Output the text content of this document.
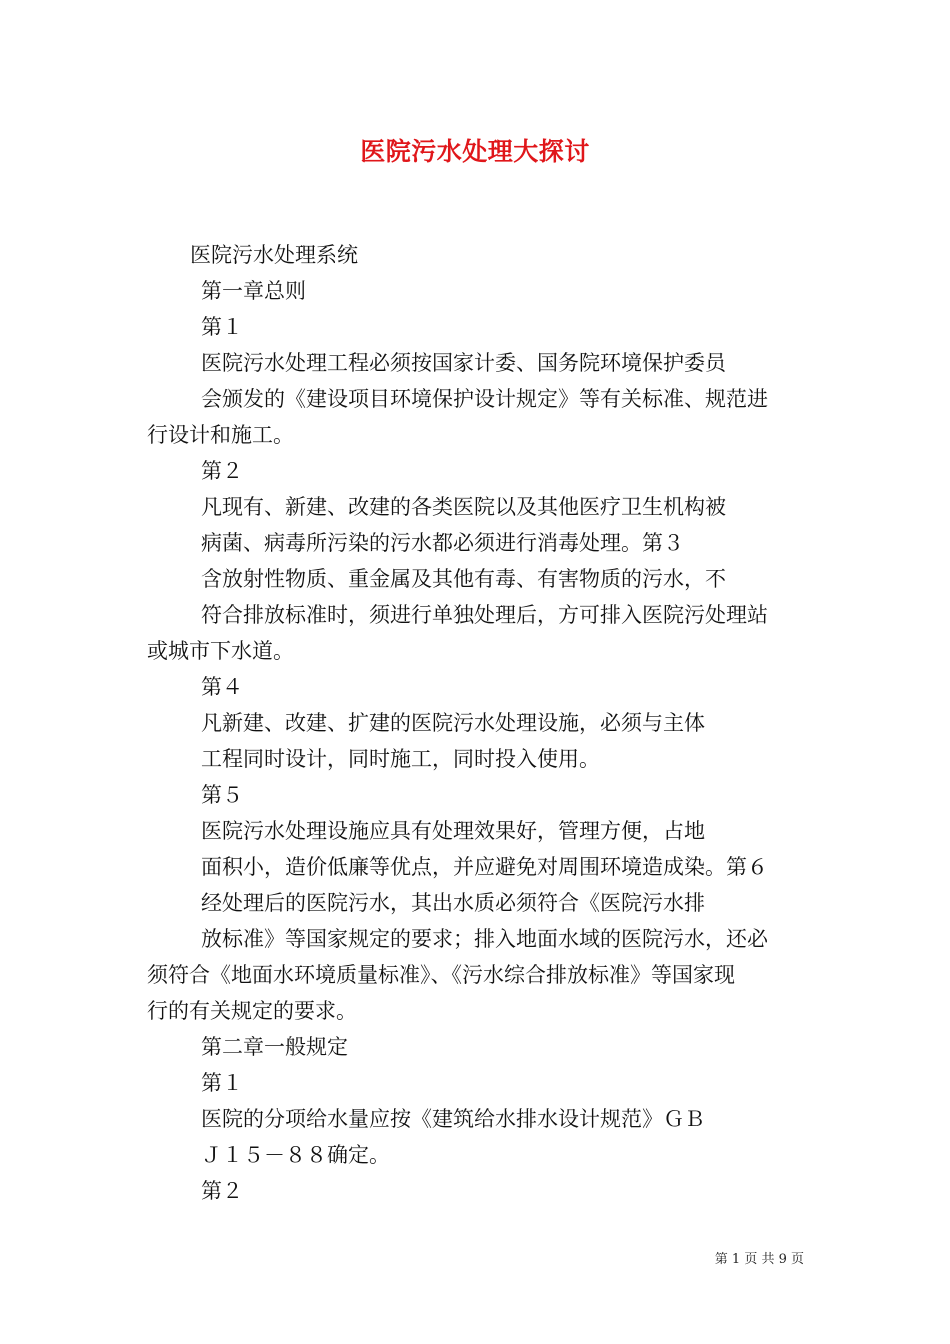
医院污水处理大探讨
医院污水处理系统
第一章总则
第１
医院污水处理工程必须按国家计委、国务院环境保护委员
会颁发的《建设项目环境保护设计规定》等有关标准、规范进
行设计和施工。
第２
凡现有、新建、改建的各类医院以及其他医疗卫生机构被
病菌、病毒所污染的污水都必须进行消毒处理。第３
含放射性物质、重金属及其他有毒、有害物质的污水，不
符合排放标准时，须进行单独处理后，方可排入医院污处理站
或城市下水道。
第４
凡新建、改建、扩建的医院污水处理设施，必须与主体
工程同时设计，同时施工，同时投入使用。
第５
医院污水处理设施应具有处理效果好，管理方便，占地
面积小，造价低廉等优点，并应避免对周围环境造成染。第６
经处理后的医院污水，其出水质必须符合《医院污水排
放标准》等国家规定的要求；排入地面水域的医院污水，还必
须符合《地面水环境质量标准》、《污水综合排放标准》等国家现
行的有关规定的要求。
第二章一般规定
第１
医院的分项给水量应按《建筑给水排水设计规范》ＧＢ
Ｊ１５－８８确定。
第２
第 1 页 共 9 页
